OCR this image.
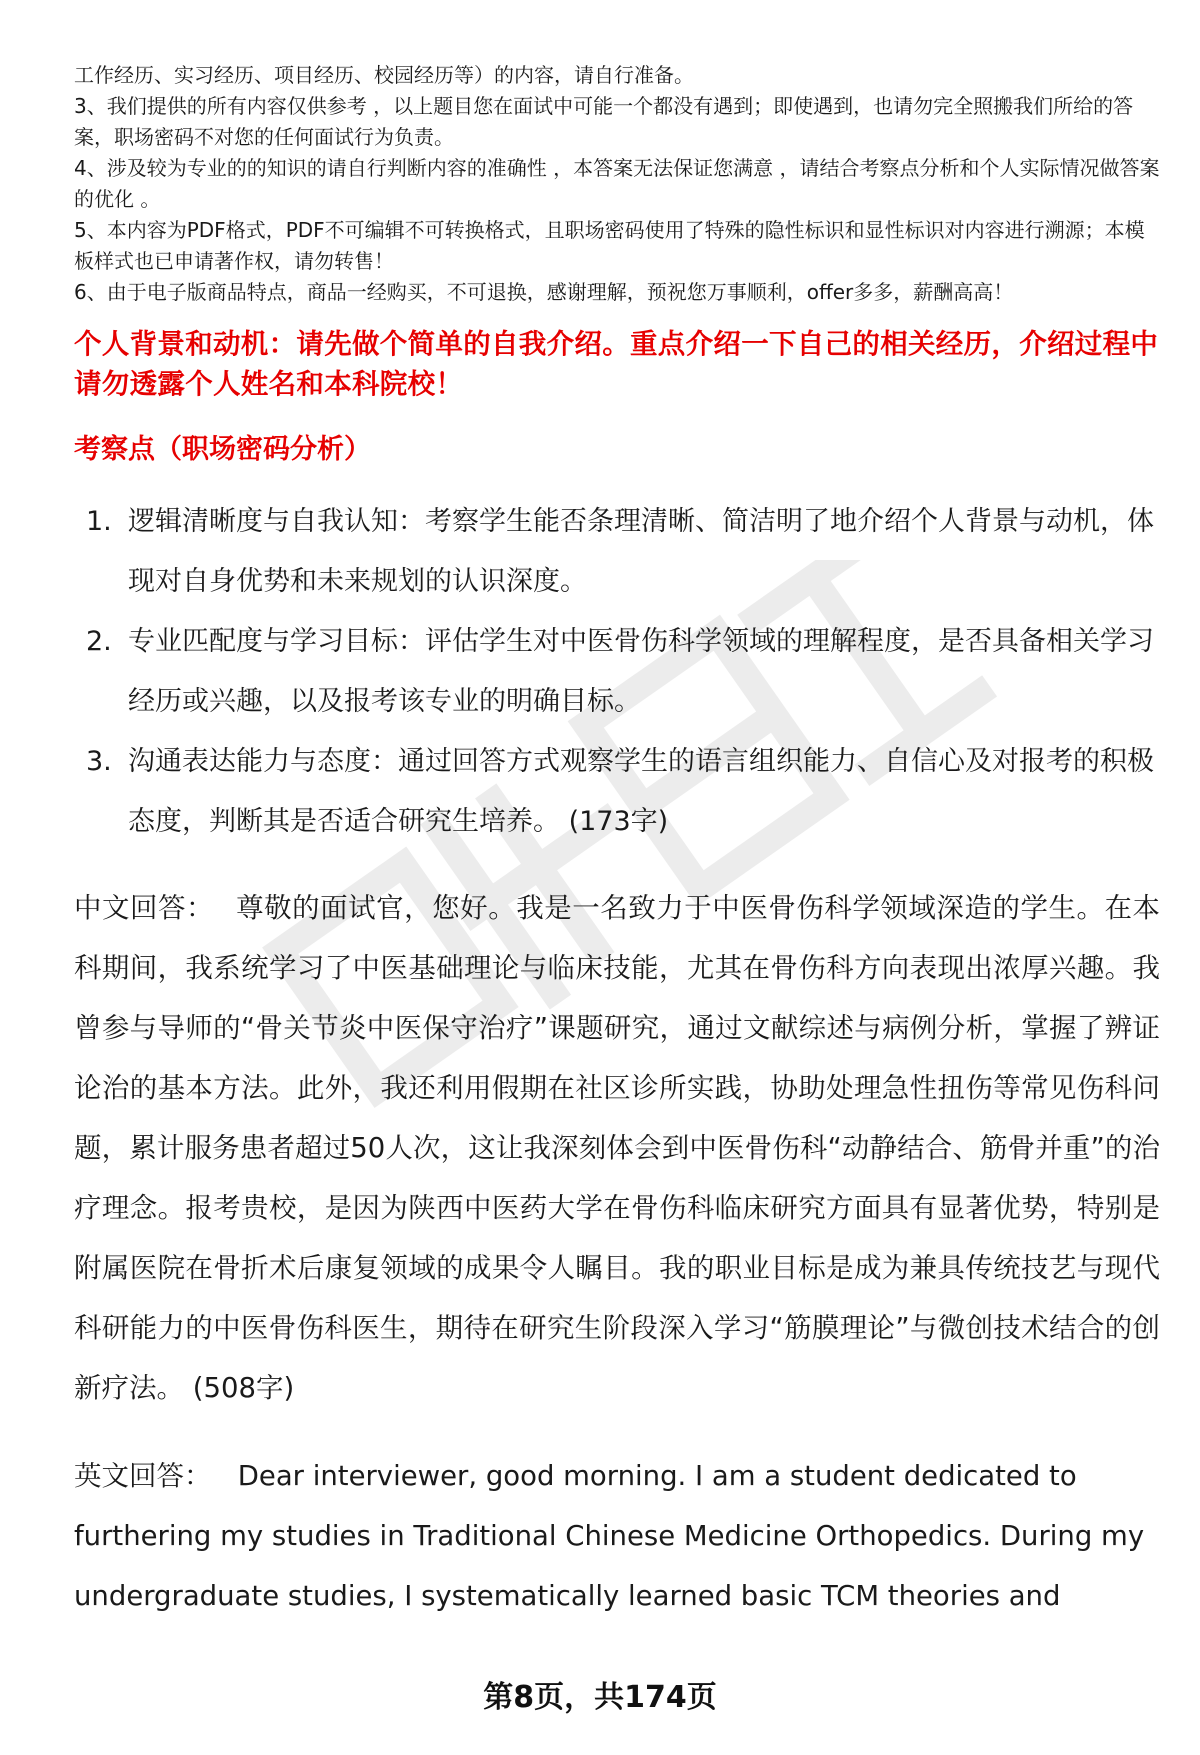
工作经历、实习经历、项目经历、校园经历等）的内容，请自行准备。

3、我们提供的所有内容仅供参考 ，以上题目您在面试中可能一个都没有遇到；即使遇到，也请勿完全照搬我们所给的答案，职场密码不对您的任何面试行为负责。

4、涉及较为专业的的知识的请自行判断内容的准确性 ，本答案无法保证您满意 ，请结合考察点分析和个人实际情况做答案的优化 。

5、本内容为PDF格式，PDF不可编辑不可转换格式，且职场密码使用了特殊的隐性标识和显性标识对内容进行溯源；本模板样式也已申请著作权，请勿转售！

6、由于电子版商品特点，商品一经购买，不可退换，感谢理解，预祝您万事顺利，offer多多，薪酬高高！

个人背景和动机：请先做个简单的自我介绍。重点介绍一下自己的相关经历，介绍过程中请勿透露个人姓名和本科院校！

考察点（职场密码分析）

1. 逻辑清晰度与自我认知：考察学生能否条理清晰、简洁明了地介绍个人背景与动机，体现对自身优势和未来规划的认识深度。
2. 专业匹配度与学习目标：评估学生对中医骨伤科学领域的理解程度，是否具备相关学习经历或兴趣，以及报考该专业的明确目标。
3. 沟通表达能力与态度：通过回答方式观察学生的语言组织能力、自信心及对报考的积极态度，判断其是否适合研究生培养。 (173字)

中文回答： 尊敬的面试官，您好。我是一名致力于中医骨伤科学领域深造的学生。在本科期间，我系统学习了中医基础理论与临床技能，尤其在骨伤科方向表现出浓厚兴趣。我曾参与导师的“骨关节炎中医保守治疗”课题研究，通过文献综述与病例分析，掌握了辨证论治的基本方法。此外，我还利用假期在社区诊所实践，协助处理急性扭伤等常见伤科问题，累计服务患者超过50人次，这让我深刻体会到中医骨伤科“动静结合、筋骨并重”的治疗理念。报考贵校，是因为陕西中医药大学在骨伤科临床研究方面具有显著优势，特别是附属医院在骨折术后康复领域的成果令人瞩目。我的职业目标是成为兼具传统技艺与现代科研能力的中医骨伤科医生，期待在研究生阶段深入学习“筋膜理论”与微创技术结合的创新疗法。 (508字)

英文回答： Dear interviewer, good morning. I am a student dedicated to furthering my studies in Traditional Chinese Medicine Orthopedics. During my undergraduate studies, I systematically learned basic TCM theories and

第8页，共174页
